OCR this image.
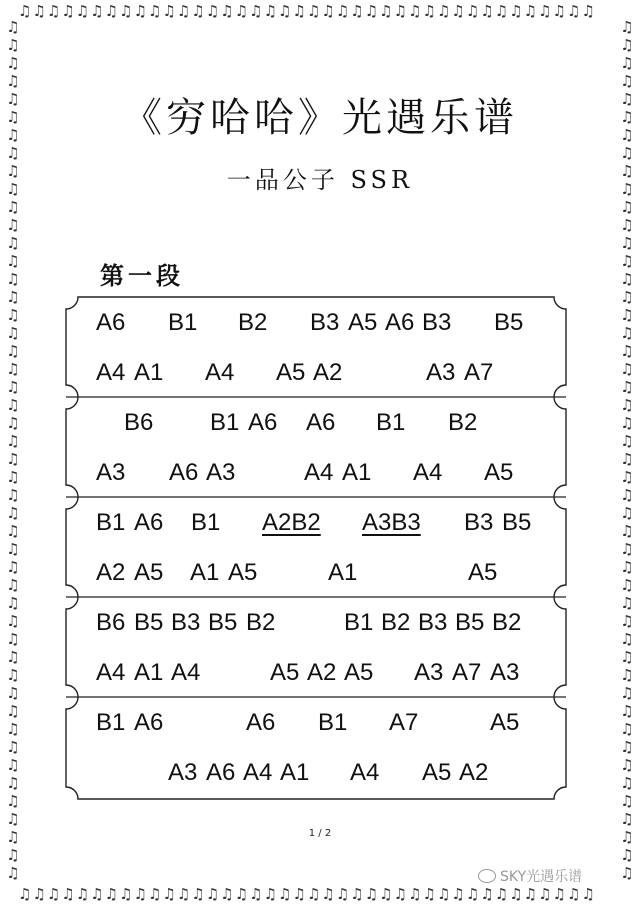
♫♫♫♫♫♫♫♫♫♫♫♫♫♫♫♫♫♫♫♫♫♫♫♫♫♫♫♫♫♫♫♫♫♫♫♫♫♫♫♫
♫♫♫♫♫♫♫♫♫♫♫♫♫♫♫♫♫♫♫♫♫♫♫♫♫♫♫♫♫♫♫♫♫♫♫♫♫♫♫♫
♫♫♫♫♫♫♫♫♫♫♫♫♫♫♫♫♫♫♫♫♫♫♫♫♫♫♫♫♫♫♫♫♫♫♫♫♫♫♫♫♫♫♫♫♫♫♫♫
♫♫♫♫♫♫♫♫♫♫♫♫♫♫♫♫♫♫♫♫♫♫♫♫♫♫♫♫♫♫♫♫♫♫♫♫♫♫♫♫♫♫♫♫♫♫♫♫
《穷哈哈》光遇乐谱
一品公子 SSR
第一段
A6 B1 B2 B3 A5 A6 B3 B5
A4 A1 A4 A5 A2	A3 A7
B6 B1 A6 A6 B1 B2
A3 A6 A3	A4 A1 A4 A5
B1 A6 B1 A2B2 A3B3 B3 B5
A2 A5 A1 A5	A1	A5
B6 B5 B3 B5 B2	B1 B2 B3 B5 B2
A4 A1 A4	A5 A2 A5 A3 A7 A3
B1 A6	A6 B1 A7	A5
A3 A6 A4 A1 A4 A5 A2
1 / 2
SKY光遇乐谱
